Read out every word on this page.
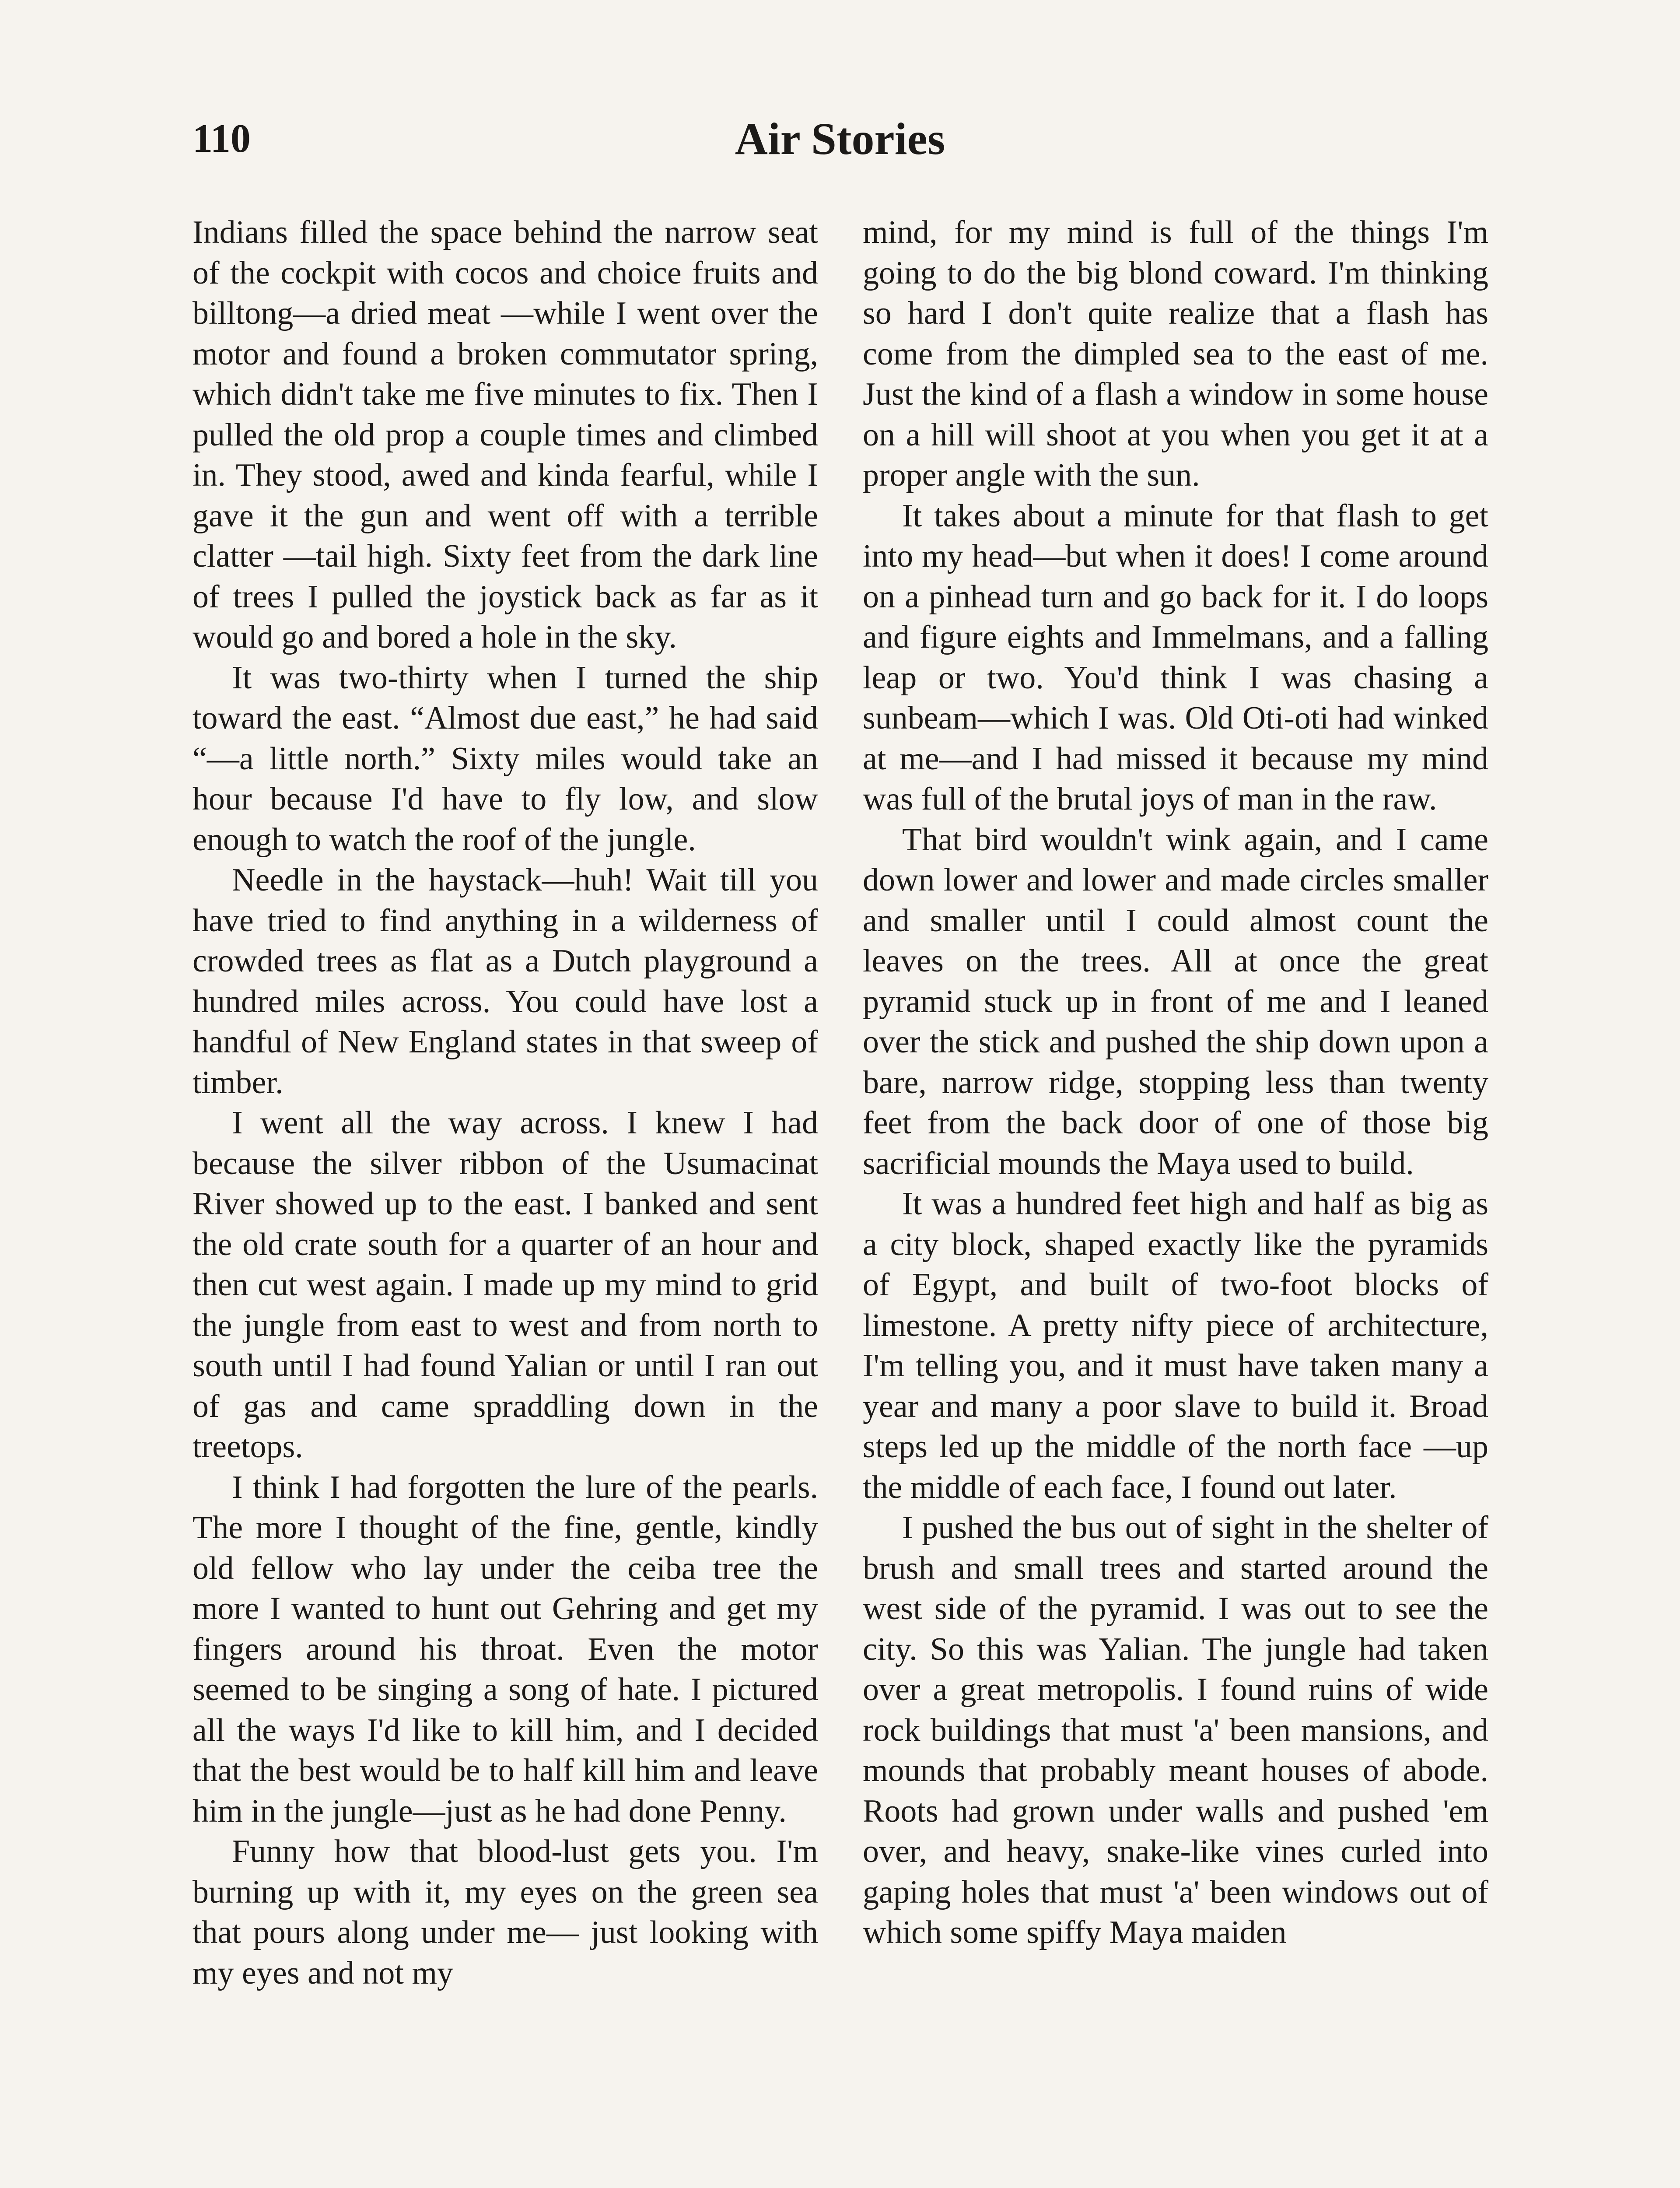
110	Air Stories

Indians filled the space behind the narrow seat of the cockpit with cocos and choice fruits and billtong—a dried meat —while I went over the motor and found a broken commutator spring, which didn't take me five minutes to fix. Then I pulled the old prop a couple times and climbed in. They stood, awed and kinda fearful, while I gave it the gun and went off with a terrible clatter —tail high. Sixty feet from the dark line of trees I pulled the joystick back as far as it would go and bored a hole in the sky.

It was two-thirty when I turned the ship toward the east. “Almost due east,” he had said “—a little north.” Sixty miles would take an hour because I'd have to fly low, and slow enough to watch the roof of the jungle.

Needle in the haystack—huh! Wait till you have tried to find anything in a wilderness of crowded trees as flat as a Dutch playground a hundred miles across. You could have lost a handful of New England states in that sweep of timber.

I went all the way across. I knew I had because the silver ribbon of the Usumacinat River showed up to the east. I banked and sent the old crate south for a quarter of an hour and then cut west again. I made up my mind to grid the jungle from east to west and from north to south until I had found Yalian or until I ran out of gas and came spraddling down in the treetops.

I think I had forgotten the lure of the pearls. The more I thought of the fine, gentle, kindly old fellow who lay under the ceiba tree the more I wanted to hunt out Gehring and get my fingers around his throat. Even the motor seemed to be singing a song of hate. I pictured all the ways I'd like to kill him, and I decided that the best would be to half kill him and leave him in the jungle—just as he had done Penny.

Funny how that blood-lust gets you. I'm burning up with it, my eyes on the green sea that pours along under me— just looking with my eyes and not my

mind, for my mind is full of the things I'm going to do the big blond coward. I'm thinking so hard I don't quite realize that a flash has come from the dimpled sea to the east of me. Just the kind of a flash a window in some house on a hill will shoot at you when you get it at a proper angle with the sun.

It takes about a minute for that flash to get into my head—but when it does! I come around on a pinhead turn and go back for it. I do loops and figure eights and Immelmans, and a falling leap or two. You'd think I was chasing a sunbeam—which I was. Old Oti-oti had winked at me—and I had missed it because my mind was full of the brutal joys of man in the raw.

That bird wouldn't wink again, and I came down lower and lower and made circles smaller and smaller until I could almost count the leaves on the trees. All at once the great pyramid stuck up in front of me and I leaned over the stick and pushed the ship down upon a bare, narrow ridge, stopping less than twenty feet from the back door of one of those big sacrificial mounds the Maya used to build.

It was a hundred feet high and half as big as a city block, shaped exactly like the pyramids of Egypt, and built of two-foot blocks of limestone. A pretty nifty piece of architecture, I'm telling you, and it must have taken many a year and many a poor slave to build it. Broad steps led up the middle of the north face —up the middle of each face, I found out later.

I pushed the bus out of sight in the shelter of brush and small trees and started around the west side of the pyramid. I was out to see the city. So this was Yalian. The jungle had taken over a great metropolis. I found ruins of wide rock buildings that must 'a' been mansions, and mounds that probably meant houses of abode. Roots had grown under walls and pushed 'em over, and heavy, snake-like vines curled into gaping holes that must 'a' been windows out of which some spiffy Maya maiden
